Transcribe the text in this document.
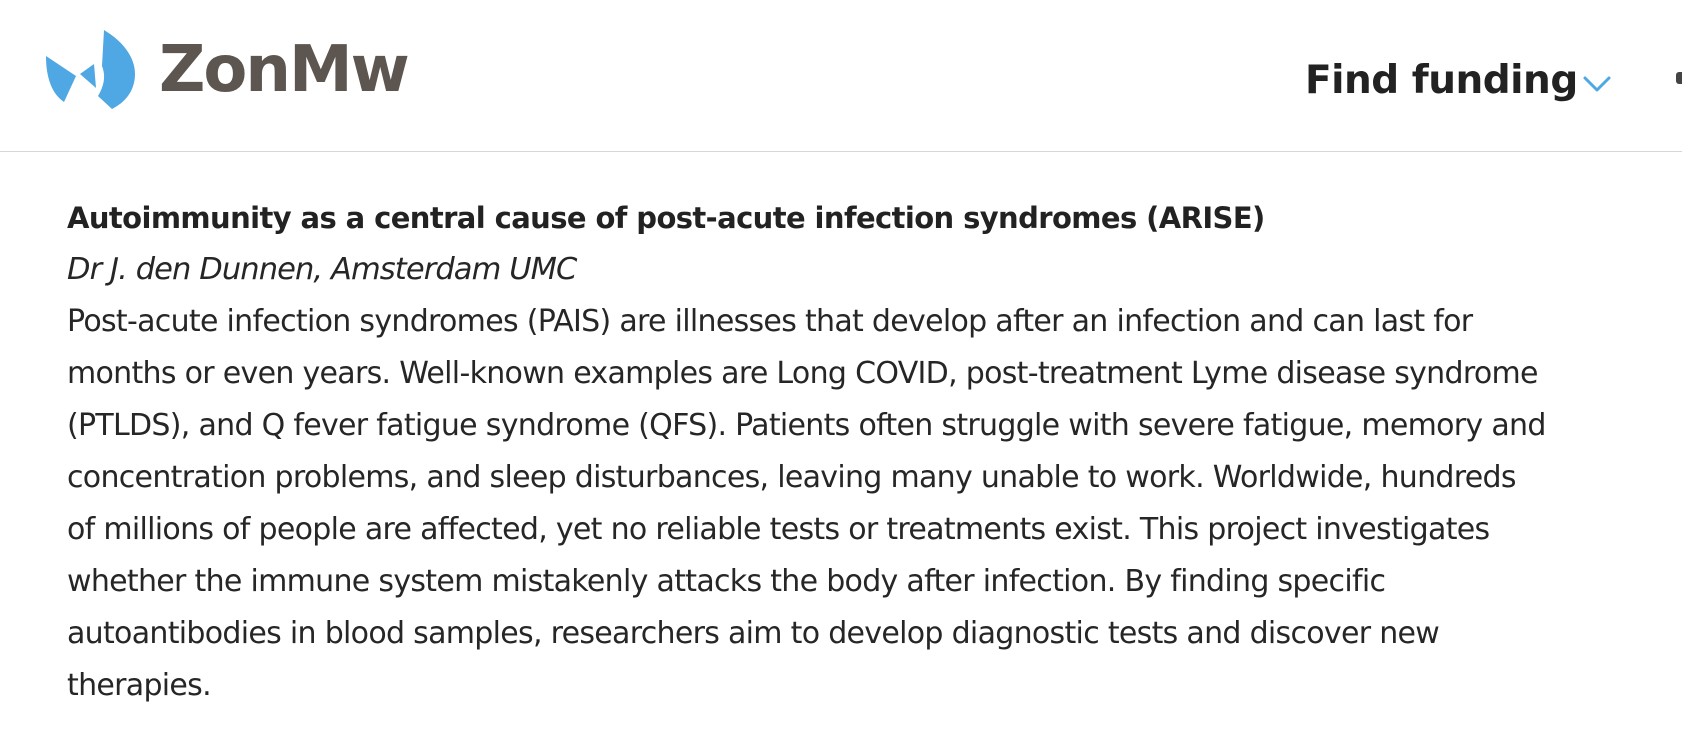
ZonMw	Find funding
Autoimmunity as a central cause of post-acute infection syndromes (ARISE)

Dr J. den Dunnen, Amsterdam UMC

Post-acute infection syndromes (PAIS) are illnesses that develop after an infection and can last for
months or even years. Well-known examples are Long COVID, post-treatment Lyme disease syndrome
(PTLDS), and Q fever fatigue syndrome (QFS). Patients often struggle with severe fatigue, memory and
concentration problems, and sleep disturbances, leaving many unable to work. Worldwide, hundreds
of millions of people are affected, yet no reliable tests or treatments exist. This project investigates
whether the immune system mistakenly attacks the body after infection. By finding specific
autoantibodies in blood samples, researchers aim to develop diagnostic tests and discover new
therapies.
